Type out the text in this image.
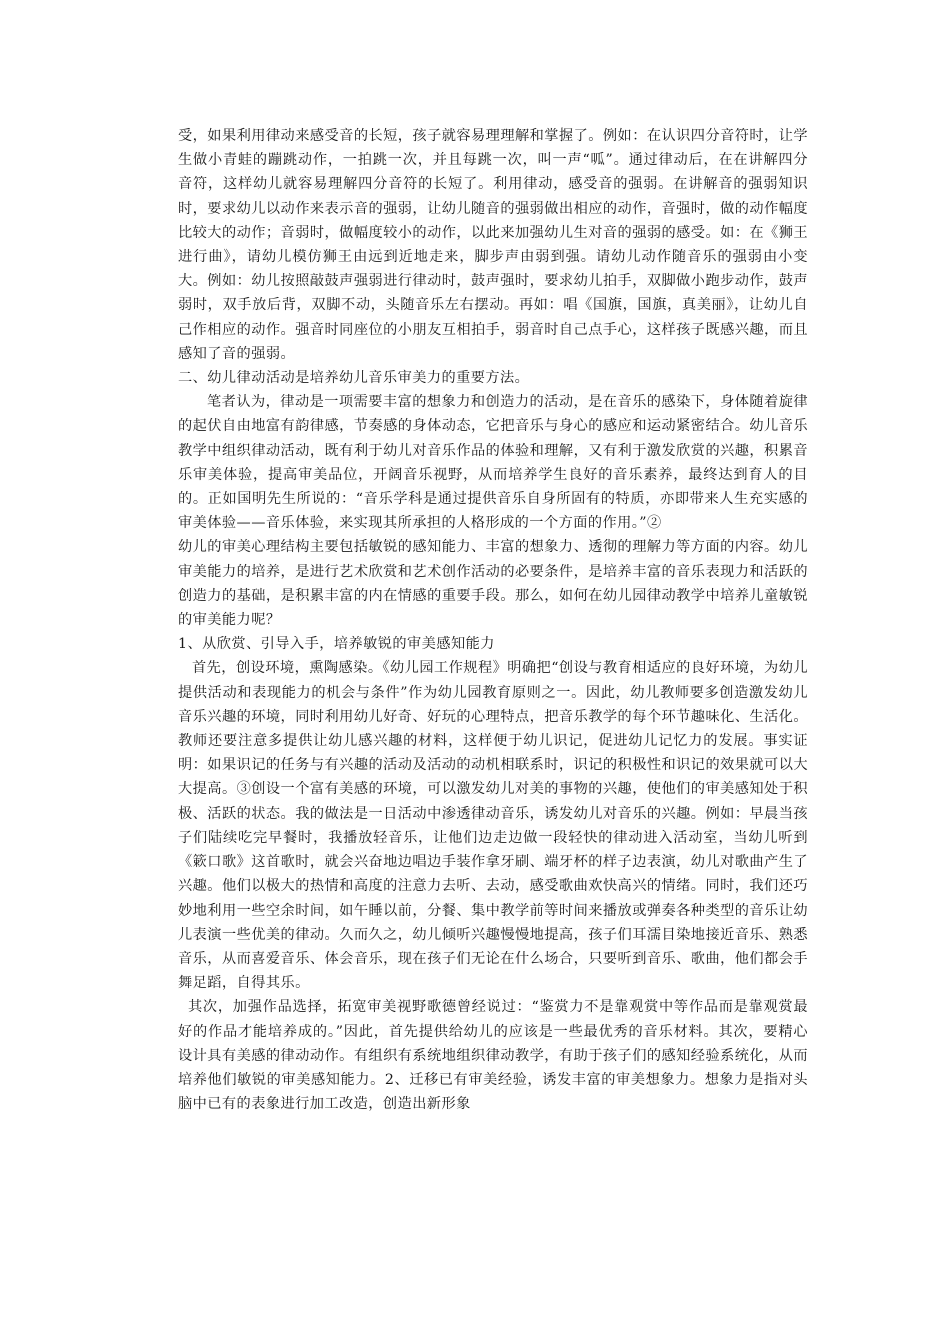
受，如果利用律动来感受音的长短，孩子就容易理理解和掌握了。例如：在认识四分音符时，让学生做小青蛙的蹦跳动作，一拍跳一次，并且每跳一次，叫一声“呱”。通过律动后，在在讲解四分音符，这样幼儿就容易理解四分音符的长短了。利用律动，感受音的强弱。在讲解音的强弱知识时，要求幼儿以动作来表示音的强弱，让幼儿随音的强弱做出相应的动作，音强时，做的动作幅度比较大的动作；音弱时，做幅度较小的动作，以此来加强幼儿生对音的强弱的感受。如：在《狮王进行曲》，请幼儿模仿狮王由远到近地走来，脚步声由弱到强。请幼儿动作随音乐的强弱由小变大。例如：幼儿按照敲鼓声强弱进行律动时，鼓声强时，要求幼儿拍手，双脚做小跑步动作，鼓声弱时，双手放后背，双脚不动，头随音乐左右摆动。再如：唱《国旗，国旗，真美丽》，让幼儿自己作相应的动作。强音时同座位的小朋友互相拍手，弱音时自己点手心，这样孩子既感兴趣，而且感知了音的强弱。

二、幼儿律动活动是培养幼儿音乐审美力的重要方法。

笔者认为，律动是一项需要丰富的想象力和创造力的活动，是在音乐的感染下，身体随着旋律的起伏自由地富有韵律感，节奏感的身体动态，它把音乐与身心的感应和运动紧密结合。幼儿音乐教学中组织律动活动，既有利于幼儿对音乐作品的体验和理解，又有利于激发欣赏的兴趣，积累音乐审美体验，提高审美品位，开阔音乐视野，从而培养学生良好的音乐素养，最终达到育人的目的。正如国明先生所说的：“音乐学科是通过提供音乐自身所固有的特质，亦即带来人生充实感的审美体验——音乐体验，来实现其所承担的人格形成的一个方面的作用。”②

幼儿的审美心理结构主要包括敏锐的感知能力、丰富的想象力、透彻的理解力等方面的内容。幼儿审美能力的培养，是进行艺术欣赏和艺术创作活动的必要条件，是培养丰富的音乐表现力和活跃的创造力的基础，是积累丰富的内在情感的重要手段。那么，如何在幼儿园律动教学中培养儿童敏锐的审美能力呢？

1、从欣赏、引导入手，培养敏锐的审美感知能力

首先，创设环境，熏陶感染。《幼儿园工作规程》明确把“创设与教育相适应的良好环境，为幼儿提供活动和表现能力的机会与条件”作为幼儿园教育原则之一。因此，幼儿教师要多创造激发幼儿音乐兴趣的环境，同时利用幼儿好奇、好玩的心理特点，把音乐教学的每个环节趣味化、生活化。教师还要注意多提供让幼儿感兴趣的材料，这样便于幼儿识记，促进幼儿记忆力的发展。事实证明：如果识记的任务与有兴趣的活动及活动的动机相联系时，识记的积极性和识记的效果就可以大大提高。③创设一个富有美感的环境，可以激发幼儿对美的事物的兴趣，使他们的审美感知处于积极、活跃的状态。我的做法是一日活动中渗透律动音乐，诱发幼儿对音乐的兴趣。例如：早晨当孩子们陆续吃完早餐时，我播放轻音乐，让他们边走边做一段轻快的律动进入活动室，当幼儿听到《簌口歌》这首歌时，就会兴奋地边唱边手装作拿牙刷、端牙杯的样子边表演，幼儿对歌曲产生了兴趣。他们以极大的热情和高度的注意力去听、去动，感受歌曲欢快高兴的情绪。同时，我们还巧妙地利用一些空余时间，如午睡以前，分餐、集中教学前等时间来播放或弹奏各种类型的音乐让幼儿表演一些优美的律动。久而久之，幼儿倾听兴趣慢慢地提高，孩子们耳濡目染地接近音乐、熟悉音乐，从而喜爱音乐、体会音乐，现在孩子们无论在什么场合，只要听到音乐、歌曲，他们都会手舞足蹈，自得其乐。

其次，加强作品选择，拓宽审美视野歌德曾经说过：“鉴赏力不是靠观赏中等作品而是靠观赏最好的作品才能培养成的。”因此，首先提供给幼儿的应该是一些最优秀的音乐材料。其次，要精心设计具有美感的律动动作。有组织有系统地组织律动教学，有助于孩子们的感知经验系统化，从而培养他们敏锐的审美感知能力。2、迁移已有审美经验，诱发丰富的审美想象力。想象力是指对头脑中已有的表象进行加工改造，创造出新形象
